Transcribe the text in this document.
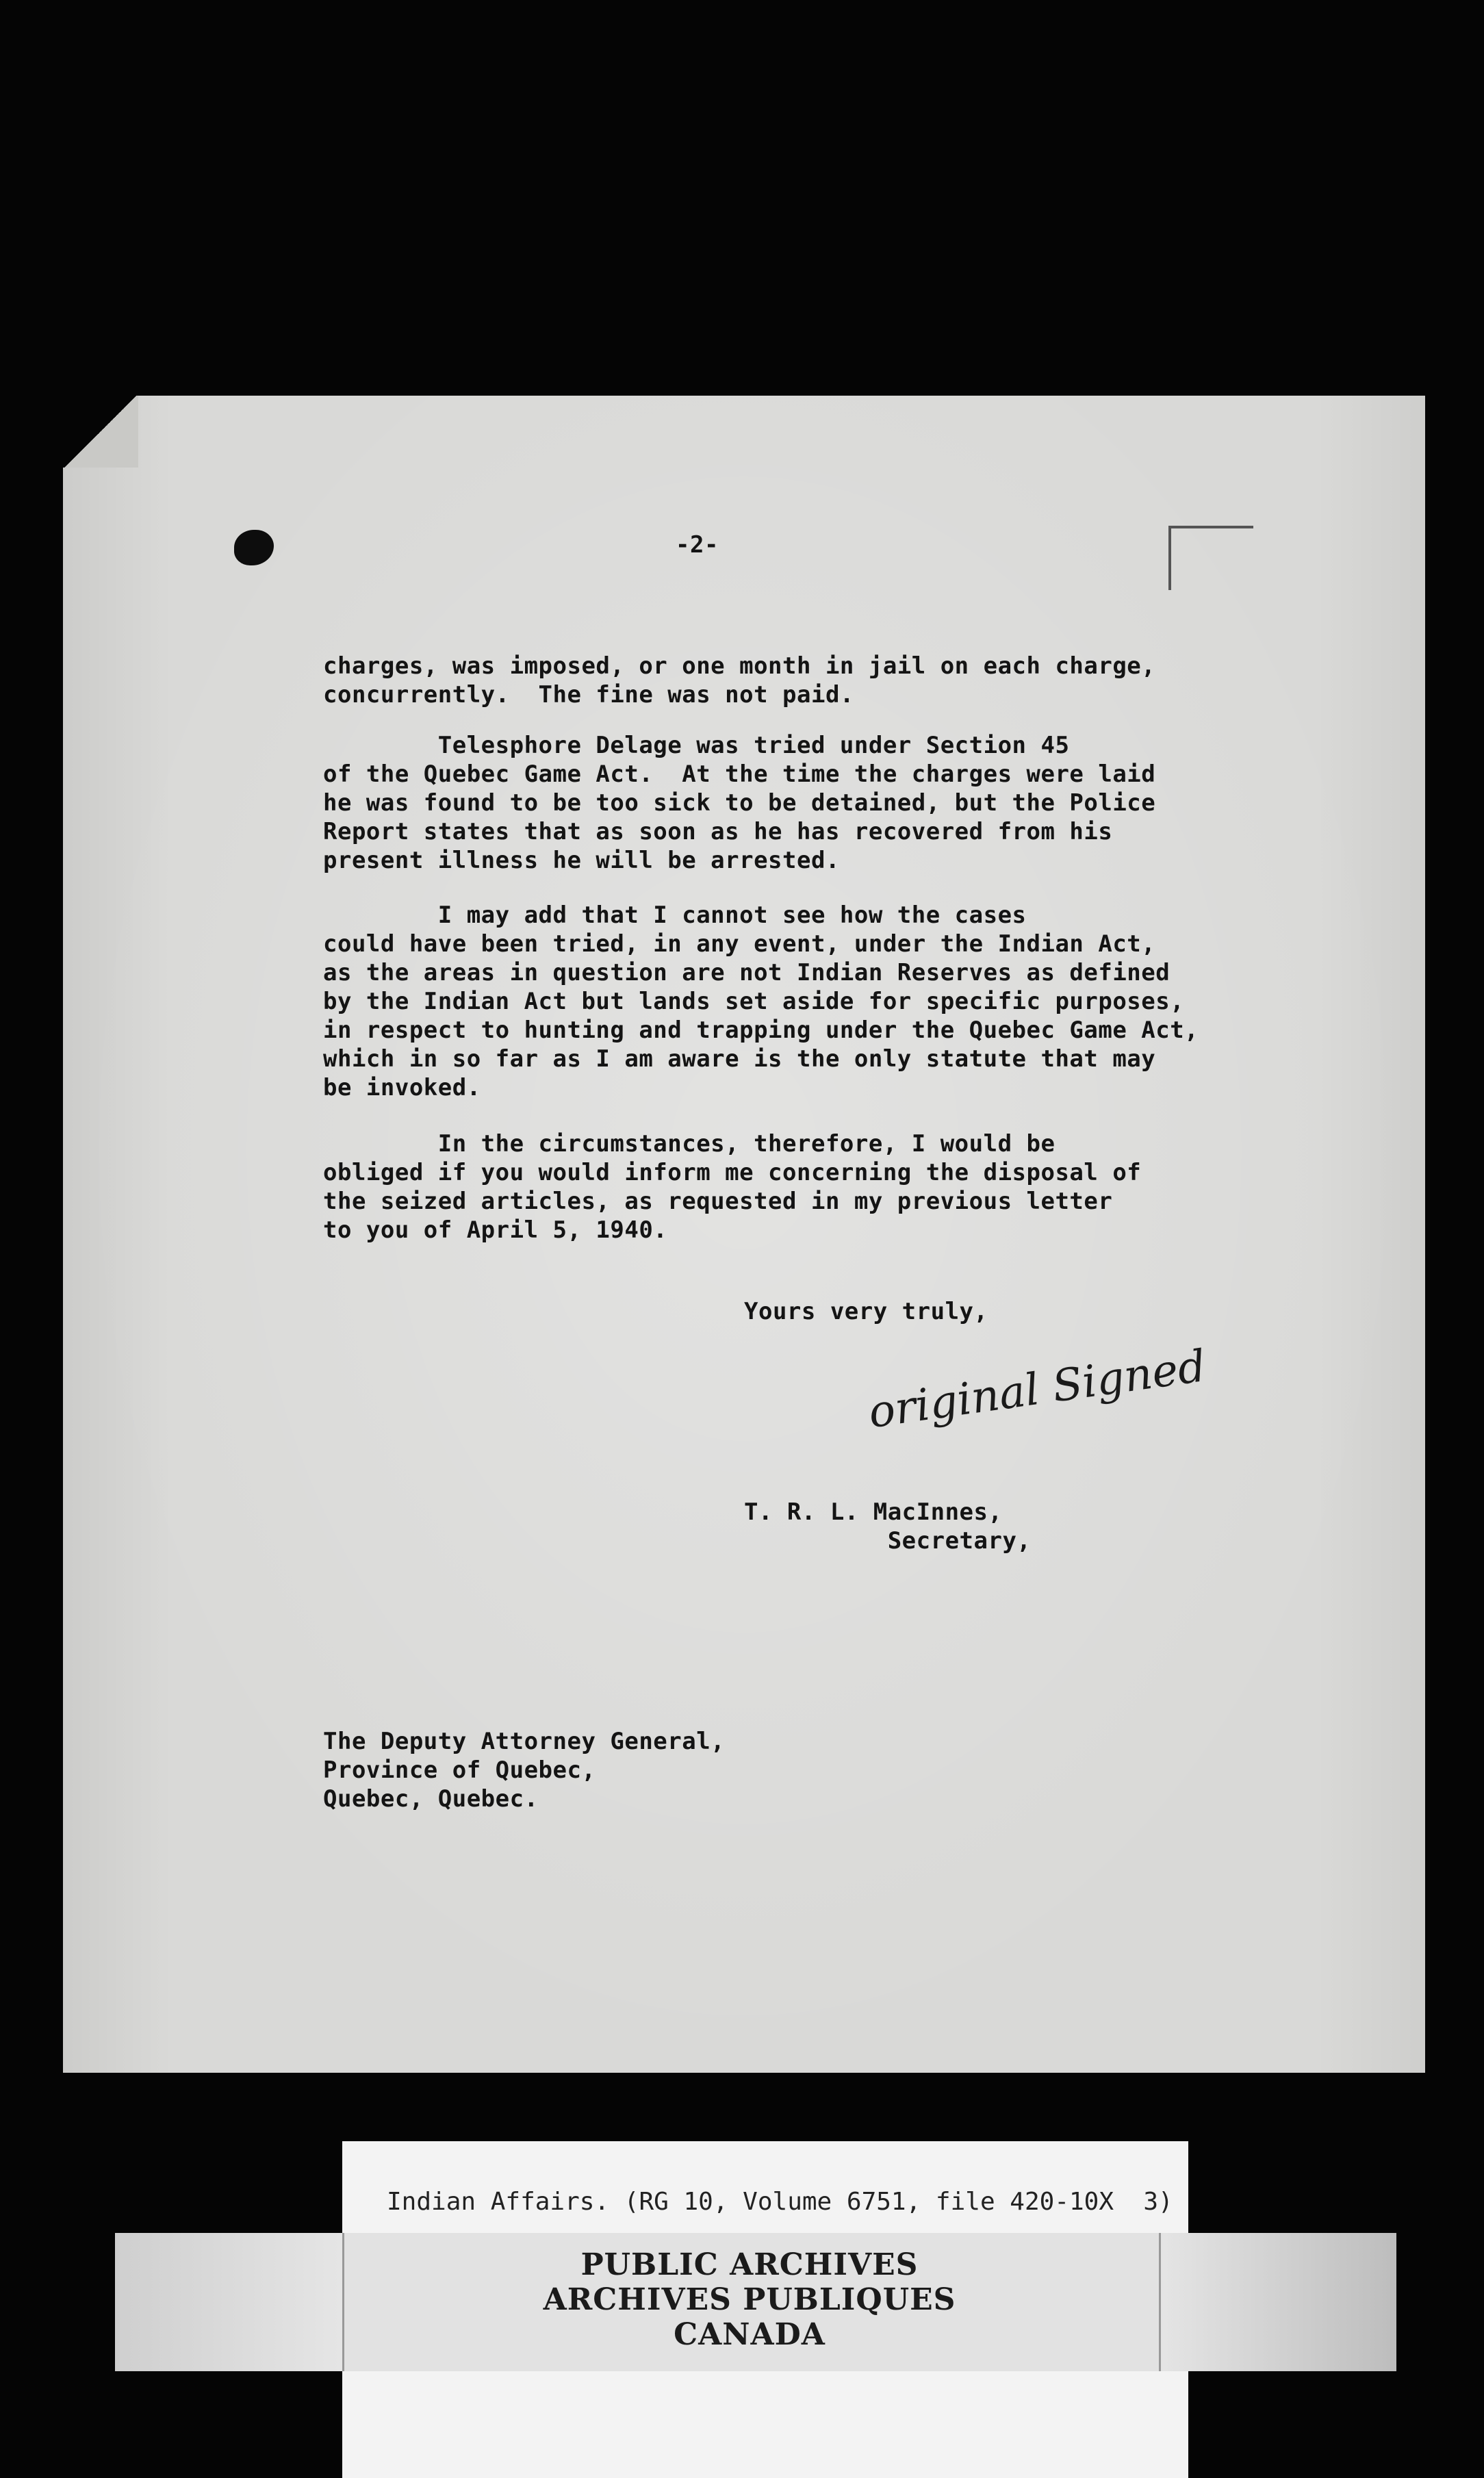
-2-

charges, was imposed, or one month in jail on each charge,
concurrently.  The fine was not paid.

Telesphore Delage was tried under Section 45
of the Quebec Game Act.  At the time the charges were laid
he was found to be too sick to be detained, but the Police
Report states that as soon as he has recovered from his
present illness he will be arrested.

I may add that I cannot see how the cases
could have been tried, in any event, under the Indian Act,
as the areas in question are not Indian Reserves as defined
by the Indian Act but lands set aside for specific purposes,
in respect to hunting and trapping under the Quebec Game Act,
which in so far as I am aware is the only statute that may
be invoked.

In the circumstances, therefore, I would be
obliged if you would inform me concerning the disposal of
the seized articles, as requested in my previous letter
to you of April 5, 1940.

Yours very truly,

original Signed

T. R. L. MacInnes,
Secretary,

The Deputy Attorney General,
Province of Quebec,
Quebec, Quebec.

Indian Affairs. (RG 10, Volume 6751, file 420-10X  3)
PUBLIC ARCHIVES
ARCHIVES PUBLIQUES
CANADA
